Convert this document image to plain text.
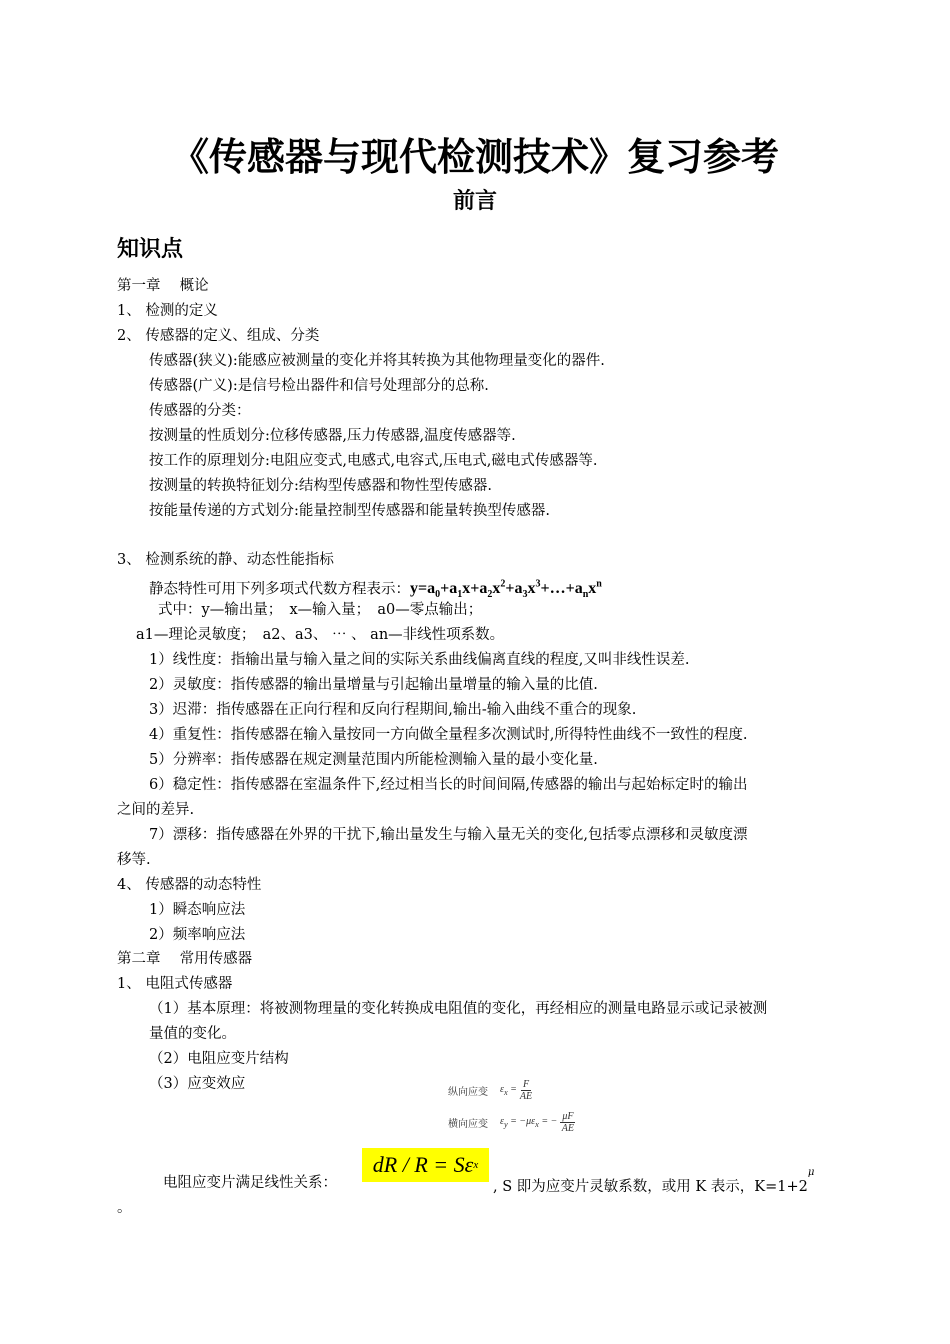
《传感器与现代检测技术》复习参考
前言
知识点
第一章　 概论
1、 检测的定义
2、 传感器的定义、组成、分类
传感器(狭义):能感应被测量的变化并将其转换为其他物理量变化的器件.
传感器(广义):是信号检出器件和信号处理部分的总称.
传感器的分类：
按测量的性质划分:位移传感器,压力传感器,温度传感器等.
按工作的原理划分:电阻应变式,电感式,电容式,压电式,磁电式传感器等.
按测量的转换特征划分:结构型传感器和物性型传感器.
按能量传递的方式划分:能量控制型传感器和能量转换型传感器.
3、 检测系统的静、动态性能指标
静态特性可用下列多项式代数方程表示：$y=a_0+a_1x+a_2x^2+a_3x^3+\dots+a_nx^n$
式中：y—输出量；　x—输入量；　a0—零点输出；
a1—理论灵敏度；　a2、a3、 ⋯ 、 an—非线性项系数。
1）线性度：指输出量与输入量之间的实际关系曲线偏离直线的程度,又叫非线性误差.
2）灵敏度：指传感器的输出量增量与引起输出量增量的输入量的比值.
3）迟滞：指传感器在正向行程和反向行程期间,输出-输入曲线不重合的现象.
4）重复性：指传感器在输入量按同一方向做全量程多次测试时,所得特性曲线不一致性的程度.
5）分辨率：指传感器在规定测量范围内所能检测输入量的最小变化量.
6）稳定性：指传感器在室温条件下,经过相当长的时间间隔,传感器的输出与起始标定时的输出
之间的差异.
7）漂移：指传感器在外界的干扰下,输出量发生与输入量无关的变化,包括零点漂移和灵敏度漂
移等.
4、 传感器的动态特性
1）瞬态响应法
2）频率响应法
第二章　 常用传感器
1、 电阻式传感器
（1）基本原理：将被测物理量的变化转换成电阻值的变化，再经相应的测量电路显示或记录被测
量值的变化。
（2）电阻应变片结构
（3）应变效应	纵向应变	$\varepsilon_x = \frac{F}{AE}$
横向应变	$\varepsilon_y = -\mu\varepsilon_x$ = − $\frac{\mu F}{AE}$
电阻应变片满足线性关系：
dR / R = Sε x
, S 即为应变片灵敏系数，或用 K 表示，$K=1+2^\mu$
。
